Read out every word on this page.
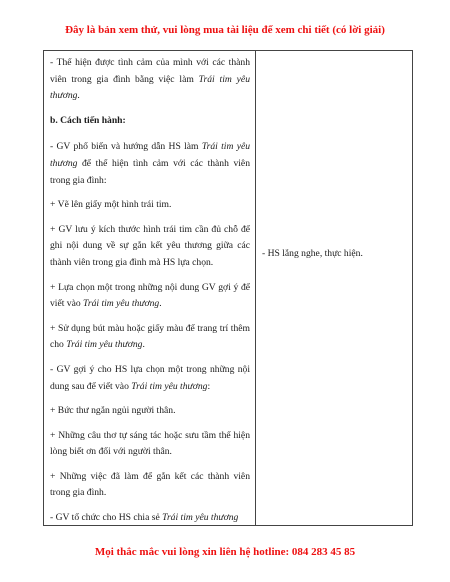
Đây là bản xem thử, vui lòng mua tài liệu để xem chi tiết (có lời giải)

- Thể hiện được tình cảm của mình với các thành viên trong gia đình bằng việc làm Trái tim yêu thương.

b. Cách tiến hành:

- GV phổ biến và hướng dẫn HS làm Trái tim yêu thương để thể hiện tình cảm với các thành viên trong gia đình:

+ Vẽ lên giấy một hình trái tim.

+ GV lưu ý kích thước hình trái tim cần đủ chỗ để ghi nội dung về sự gắn kết yêu thương giữa các thành viên trong gia đình mà HS lựa chọn.

+ Lựa chọn một trong những nội dung GV gợi ý để viết vào Trái tim yêu thương.

+ Sử dụng bút màu hoặc giấy màu để trang trí thêm cho Trái tim yêu thương.

- GV gợi ý cho HS lựa chọn một trong những nội dung sau để viết vào Trái tim yêu thương:

+ Bức thư ngắn ngủi người thân.

+ Những câu thơ tự sáng tác hoặc sưu tầm thể hiện lòng biết ơn đối với người thân.

+ Những việc đã làm để gắn kết các thành viên trong gia đình.

- GV tổ chức cho HS chia sẻ Trái tim yêu thương

- HS lắng nghe, thực hiện.
Mọi thắc mắc vui lòng xin liên hệ hotline: 084 283 45 85
